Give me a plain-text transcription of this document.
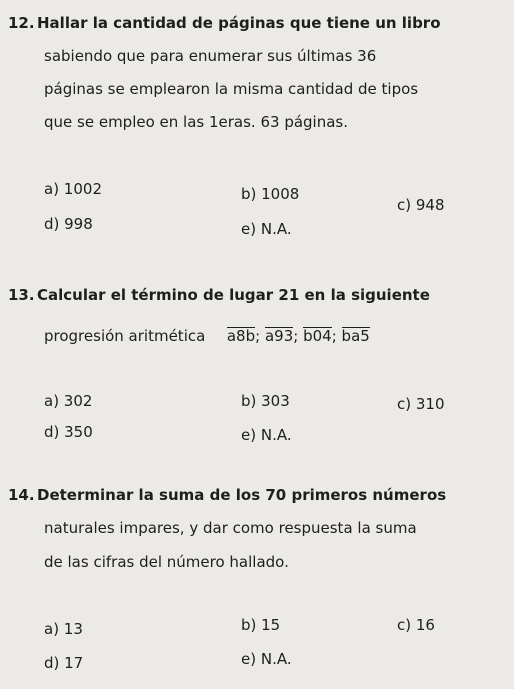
12. Hallar la cantidad de páginas que tiene un libro
sabiendo que para enumerar sus últimas 36
páginas se emplearon la misma cantidad de tipos
que se empleo en las 1eras. 63 páginas.
a) 1002	b) 1008
c) 948
d) 998	e) N.A.
13. Calcular el término de lugar 21 en la siguiente
progresión aritmética a8b; a93; b04; ba5
a) 302	b) 303	c) 310
d) 350	e) N.A.
14. Determinar la suma de los 70 primeros números
naturales impares, y dar como respuesta la suma
de las cifras del número hallado.
a) 13	b) 15	c) 16
d) 17	e) N.A.
